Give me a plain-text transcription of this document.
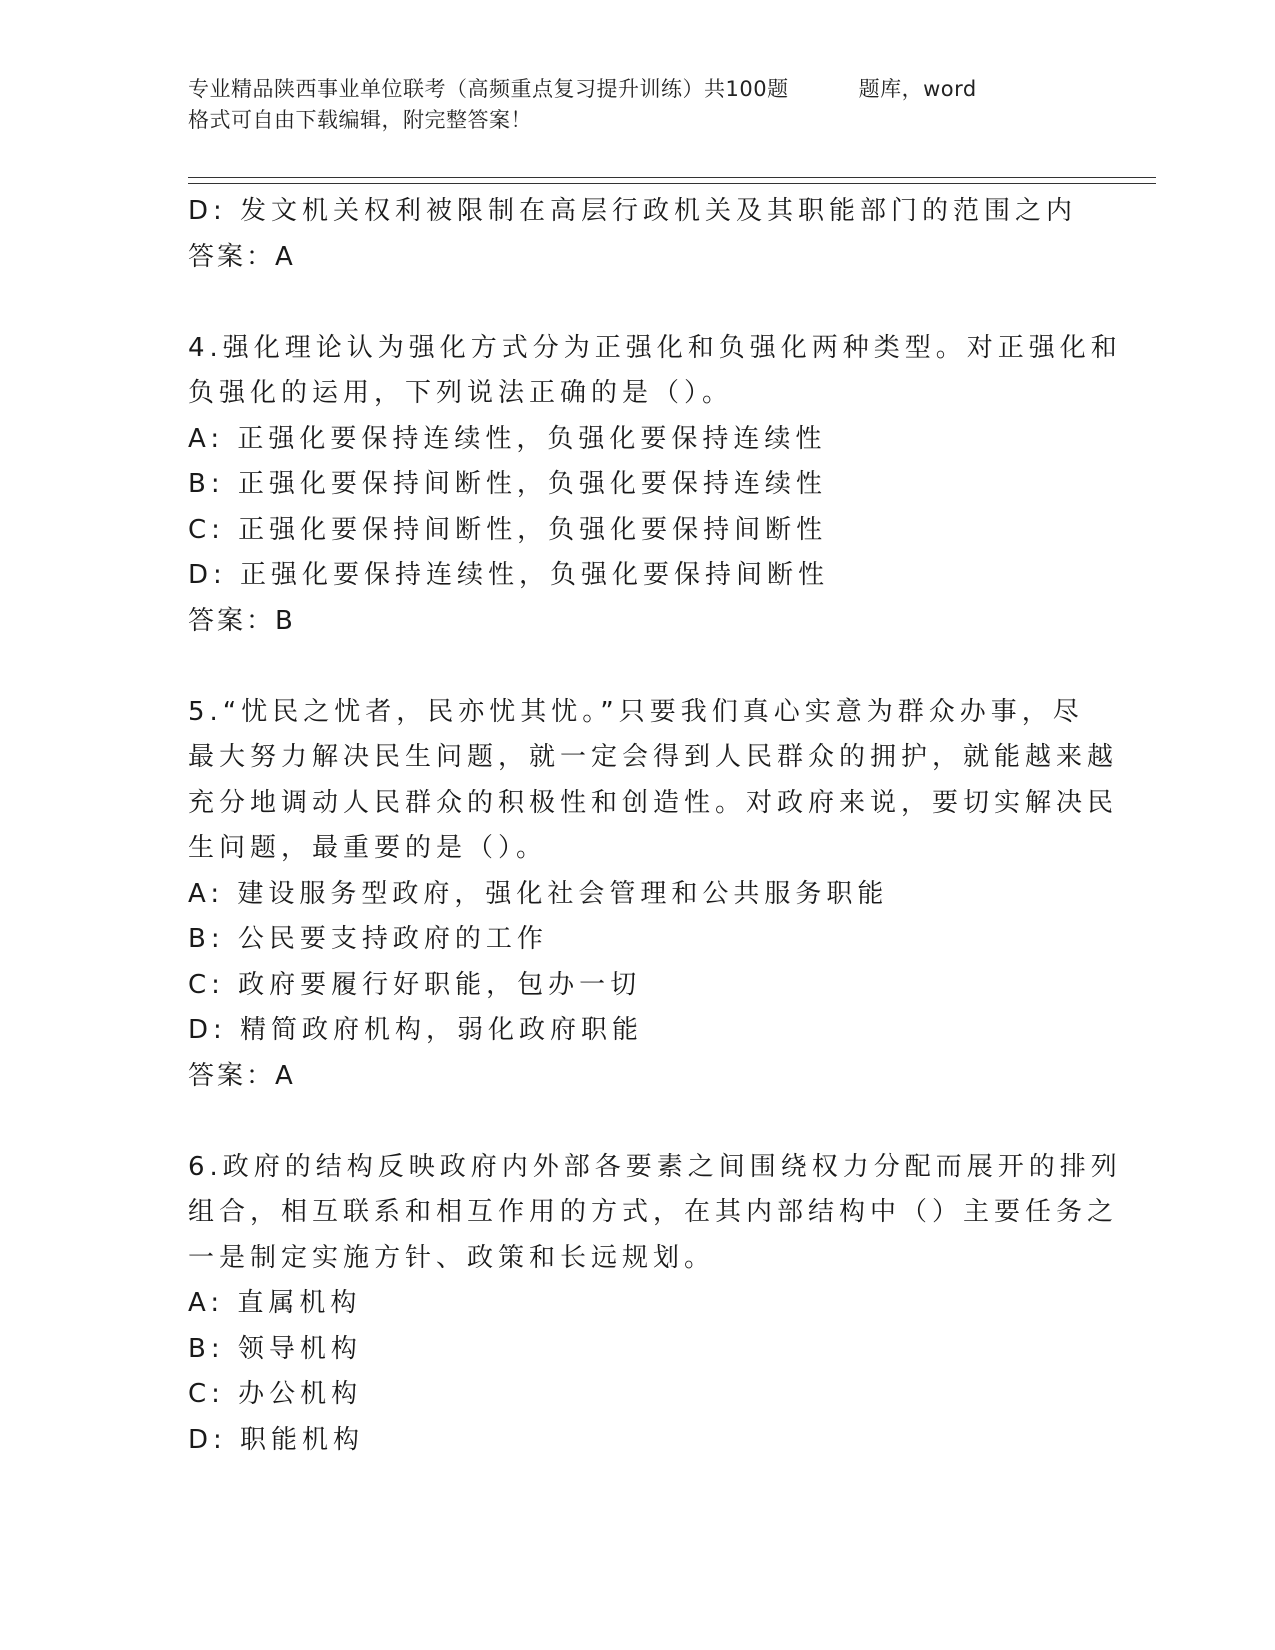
专业精品陕西事业单位联考（高频重点复习提升训练）共100题	题库，word
格式可自由下载编辑，附完整答案！
D: 发文机关权利被限制在高层行政机关及其职能部门的范围之内
答案：A
4.强化理论认为强化方式分为正强化和负强化两种类型。对正强化和
负强化的运用，下列说法正确的是（）。
A: 正强化要保持连续性，负强化要保持连续性
B: 正强化要保持间断性，负强化要保持连续性
C: 正强化要保持间断性，负强化要保持间断性
D: 正强化要保持连续性，负强化要保持间断性
答案：B
5.“忧民之忧者，民亦忧其忧。”只要我们真心实意为群众办事，尽
最大努力解决民生问题，就一定会得到人民群众的拥护，就能越来越
充分地调动人民群众的积极性和创造性。对政府来说，要切实解决民
生问题，最重要的是（）。
A: 建设服务型政府，强化社会管理和公共服务职能
B: 公民要支持政府的工作
C: 政府要履行好职能，包办一切
D: 精简政府机构，弱化政府职能
答案：A
6.政府的结构反映政府内外部各要素之间围绕权力分配而展开的排列
组合，相互联系和相互作用的方式，在其内部结构中（）主要任务之
一是制定实施方针、政策和长远规划。
A: 直属机构
B: 领导机构
C: 办公机构
D: 职能机构
